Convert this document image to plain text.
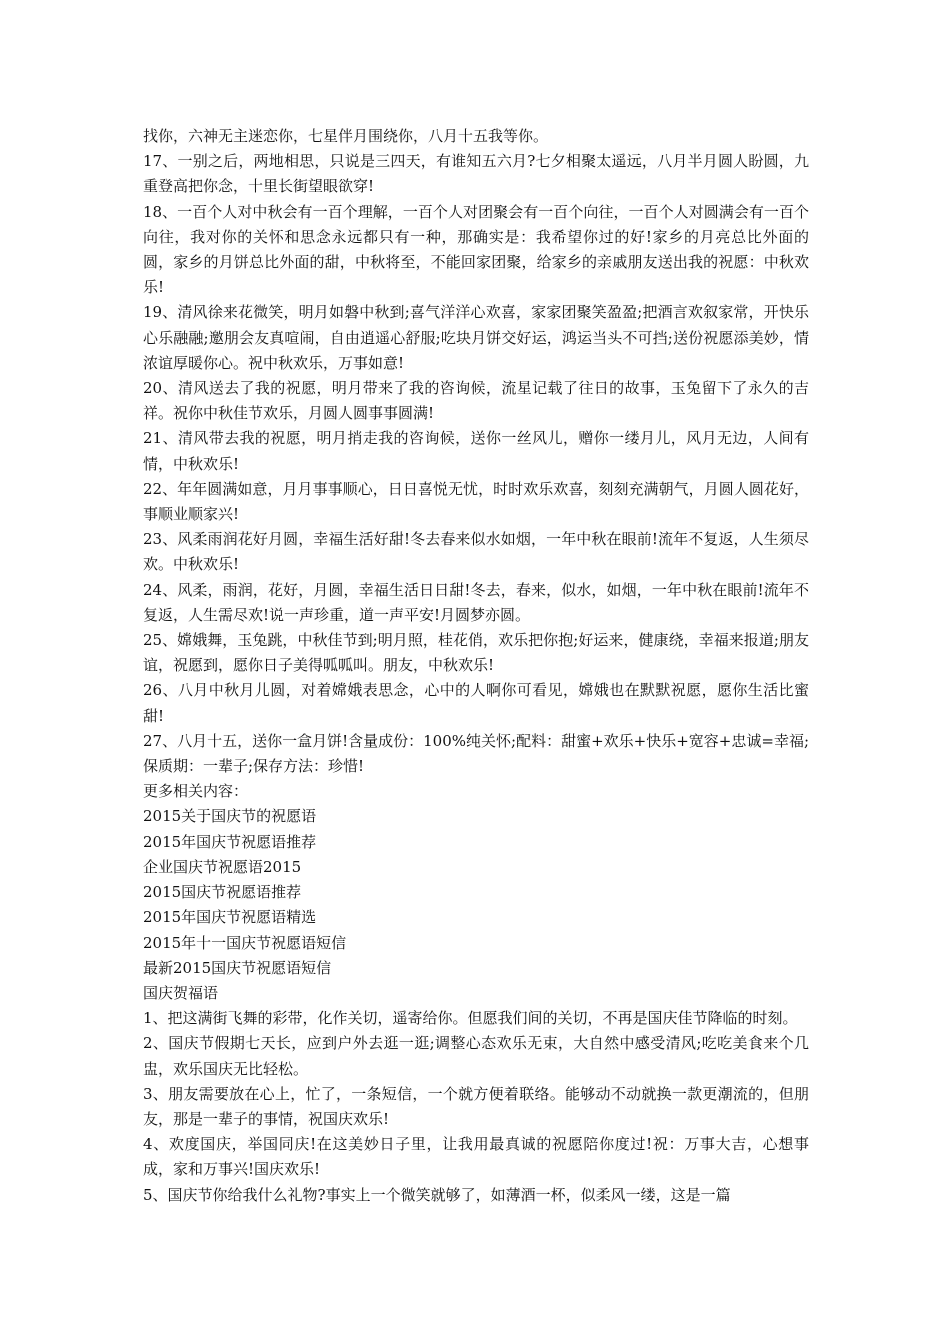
找你，六神无主迷恋你，七星伴月围绕你，八月十五我等你。

17、一别之后，两地相思，只说是三四天，有谁知五六月?七夕相聚太遥远，八月半月圆人盼圆，九重登高把你念，十里长街望眼欲穿!

18、一百个人对中秋会有一百个理解，一百个人对团聚会有一百个向往，一百个人对圆满会有一百个向往，我对你的关怀和思念永远都只有一种，那确实是：我希望你过的好!家乡的月亮总比外面的圆，家乡的月饼总比外面的甜，中秋将至，不能回家团聚，给家乡的亲戚朋友送出我的祝愿：中秋欢乐!

19、清风徐来花微笑，明月如磐中秋到;喜气洋洋心欢喜，家家团聚笑盈盈;把酒言欢叙家常，开快乐心乐融融;邀朋会友真喧闹，自由逍遥心舒服;吃块月饼交好运，鸿运当头不可挡;送份祝愿添美妙，情浓谊厚暖你心。祝中秋欢乐，万事如意!

20、清风送去了我的祝愿，明月带来了我的咨询候，流星记载了往日的故事，玉兔留下了永久的吉祥。祝你中秋佳节欢乐，月圆人圆事事圆满!

21、清风带去我的祝愿，明月捎走我的咨询候，送你一丝风儿，赠你一缕月儿，风月无边，人间有情，中秋欢乐!

22、年年圆满如意，月月事事顺心，日日喜悦无忧，时时欢乐欢喜，刻刻充满朝气，月圆人圆花好，事顺业顺家兴!

23、风柔雨润花好月圆，幸福生活好甜!冬去春来似水如烟，一年中秋在眼前!流年不复返，人生须尽欢。中秋欢乐!

24、风柔，雨润，花好，月圆，幸福生活日日甜!冬去，春来，似水，如烟，一年中秋在眼前!流年不复返，人生需尽欢!说一声珍重，道一声平安!月圆梦亦圆。

25、嫦娥舞，玉兔跳，中秋佳节到;明月照，桂花俏，欢乐把你抱;好运来，健康绕，幸福来报道;朋友谊，祝愿到，愿你日子美得呱呱叫。朋友，中秋欢乐!

26、八月中秋月儿圆，对着嫦娥表思念，心中的人啊你可看见，嫦娥也在默默祝愿，愿你生活比蜜甜!

27、八月十五，送你一盒月饼!含量成份：100%纯关怀;配料：甜蜜+欢乐+快乐+宽容+忠诚=幸福;保质期：一辈子;保存方法：珍惜!

更多相关内容：

2015关于国庆节的祝愿语

2015年国庆节祝愿语推荐

企业国庆节祝愿语2015

2015国庆节祝愿语推荐

2015年国庆节祝愿语精选

2015年十一国庆节祝愿语短信

最新2015国庆节祝愿语短信

国庆贺福语

1、把这满街飞舞的彩带，化作关切，遥寄给你。但愿我们间的关切，不再是国庆佳节降临的时刻。

2、国庆节假期七天长，应到户外去逛一逛;调整心态欢乐无束，大自然中感受清风;吃吃美食来个几盅，欢乐国庆无比轻松。

3、朋友需要放在心上，忙了，一条短信，一个就方便着联络。能够动不动就换一款更潮流的，但朋友，那是一辈子的事情，祝国庆欢乐!

4、欢度国庆，举国同庆!在这美妙日子里，让我用最真诚的祝愿陪你度过!祝：万事大吉，心想事成，家和万事兴!国庆欢乐!

5、国庆节你给我什么礼物?事实上一个微笑就够了，如薄酒一杯，似柔风一缕，这是一篇
